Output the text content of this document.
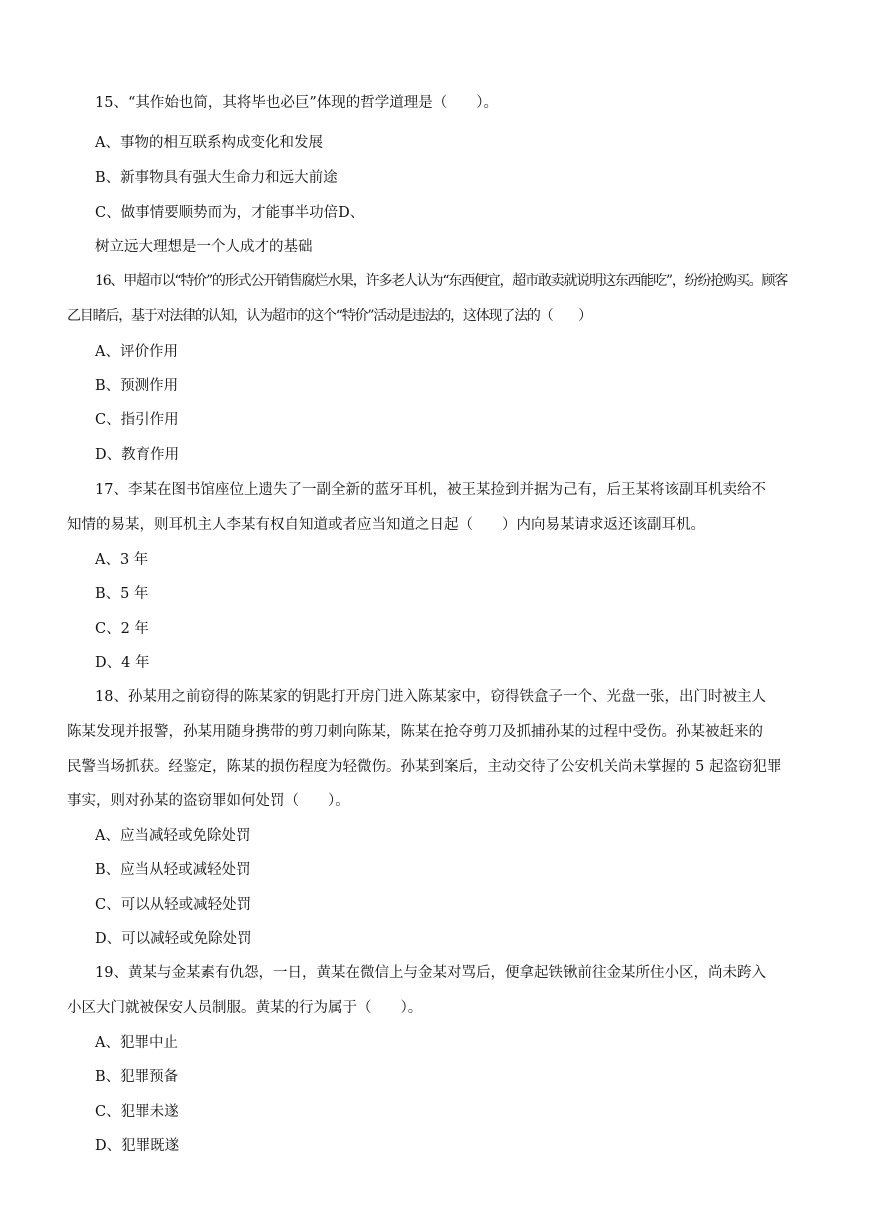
15、“其作始也简，其将毕也必巨”体现的哲学道理是（　　）。
A、事物的相互联系构成变化和发展
B、新事物具有强大生命力和远大前途
C、做事情要顺势而为，才能事半功倍D、
树立远大理想是一个人成才的基础
16、甲超市以“特价”的形式公开销售腐烂水果，许多老人认为“东西便宜，超市敢卖就说明这东西能吃”，纷纷抢购买。顾客
乙目睹后，基于对法律的认知，认为超市的这个“特价”活动是违法的，这体现了法的（　　）
A、评价作用
B、预测作用
C、指引作用
D、教育作用
17、李某在图书馆座位上遗失了一副全新的蓝牙耳机，被王某捡到并据为己有，后王某将该副耳机卖给不
知情的易某，则耳机主人李某有权自知道或者应当知道之日起（　　）内向易某请求返还该副耳机。
A、3 年
B、5 年
C、2 年
D、4 年
18、孙某用之前窃得的陈某家的钥匙打开房门进入陈某家中，窃得铁盒子一个、光盘一张，出门时被主人
陈某发现并报警，孙某用随身携带的剪刀刺向陈某，陈某在抢夺剪刀及抓捕孙某的过程中受伤。孙某被赶来的
民警当场抓获。经鉴定，陈某的损伤程度为轻微伤。孙某到案后，主动交待了公安机关尚未掌握的 5 起盗窃犯罪
事实，则对孙某的盗窃罪如何处罚（　　）。
A、应当减轻或免除处罚
B、应当从轻或减轻处罚
C、可以从轻或减轻处罚
D、可以减轻或免除处罚
19、黄某与金某素有仇怨，一日，黄某在微信上与金某对骂后，便拿起铁锹前往金某所住小区，尚未跨入
小区大门就被保安人员制服。黄某的行为属于（　　）。
A、犯罪中止
B、犯罪预备
C、犯罪未遂
D、犯罪既遂
